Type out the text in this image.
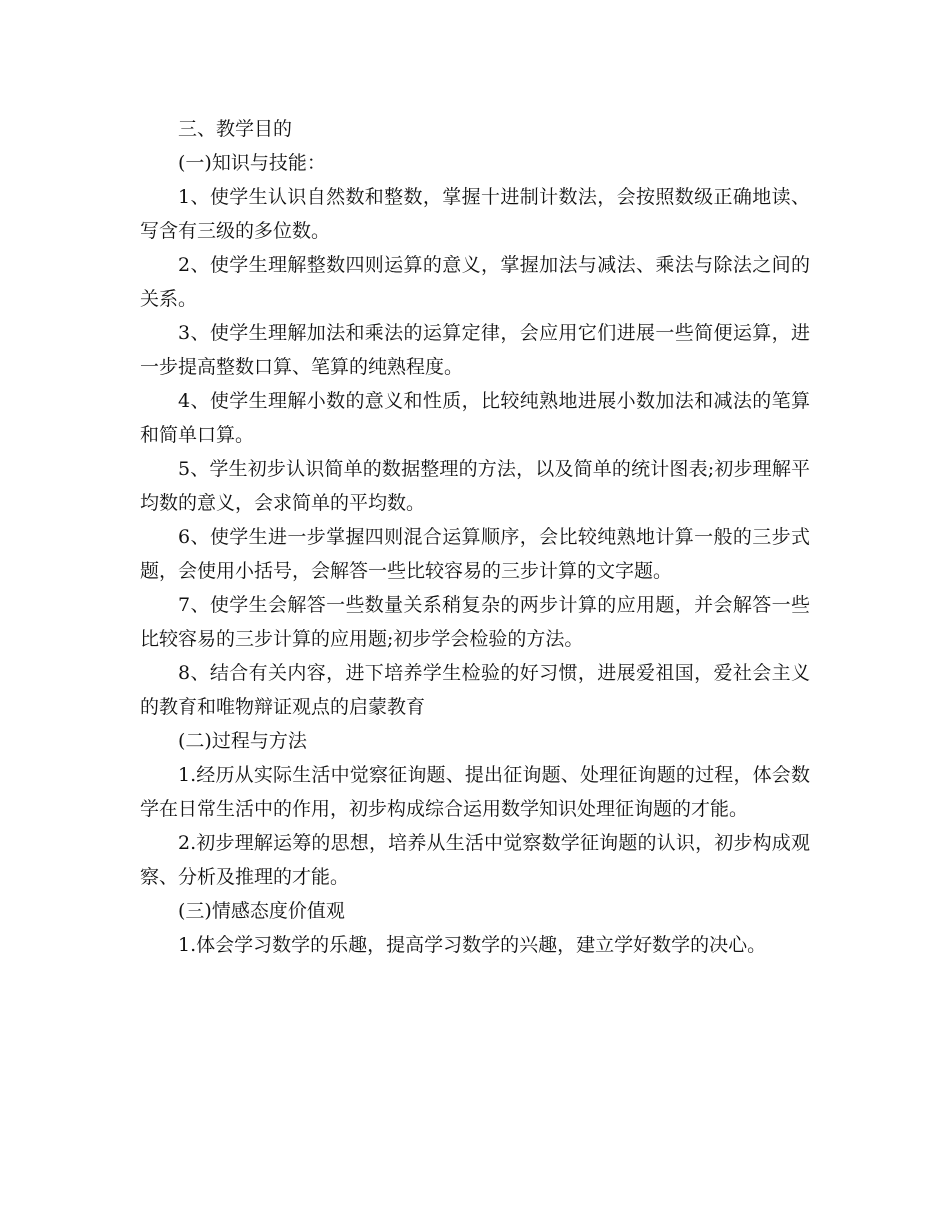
三、教学目的

(一)知识与技能：

1、使学生认识自然数和整数，掌握十进制计数法，会按照数级正确地读、写含有三级的多位数。

2、使学生理解整数四则运算的意义，掌握加法与减法、乘法与除法之间的关系。

3、使学生理解加法和乘法的运算定律，会应用它们进展一些简便运算，进一步提高整数口算、笔算的纯熟程度。

4、使学生理解小数的意义和性质，比较纯熟地进展小数加法和减法的笔算和简单口算。

5、学生初步认识简单的数据整理的方法，以及简单的统计图表;初步理解平均数的意义，会求简单的平均数。

6、使学生进一步掌握四则混合运算顺序，会比较纯熟地计算一般的三步式题，会使用小括号，会解答一些比较容易的三步计算的文字题。

7、使学生会解答一些数量关系稍复杂的两步计算的应用题，并会解答一些比较容易的三步计算的应用题;初步学会检验的方法。

8、结合有关内容，进下培养学生检验的好习惯，进展爱祖国，爱社会主义的教育和唯物辩证观点的启蒙教育

(二)过程与方法

1.经历从实际生活中觉察征询题、提出征询题、处理征询题的过程，体会数学在日常生活中的作用，初步构成综合运用数学知识处理征询题的才能。

2.初步理解运筹的思想，培养从生活中觉察数学征询题的认识，初步构成观察、分析及推理的才能。

(三)情感态度价值观

1.体会学习数学的乐趣，提高学习数学的兴趣，建立学好数学的决心。
